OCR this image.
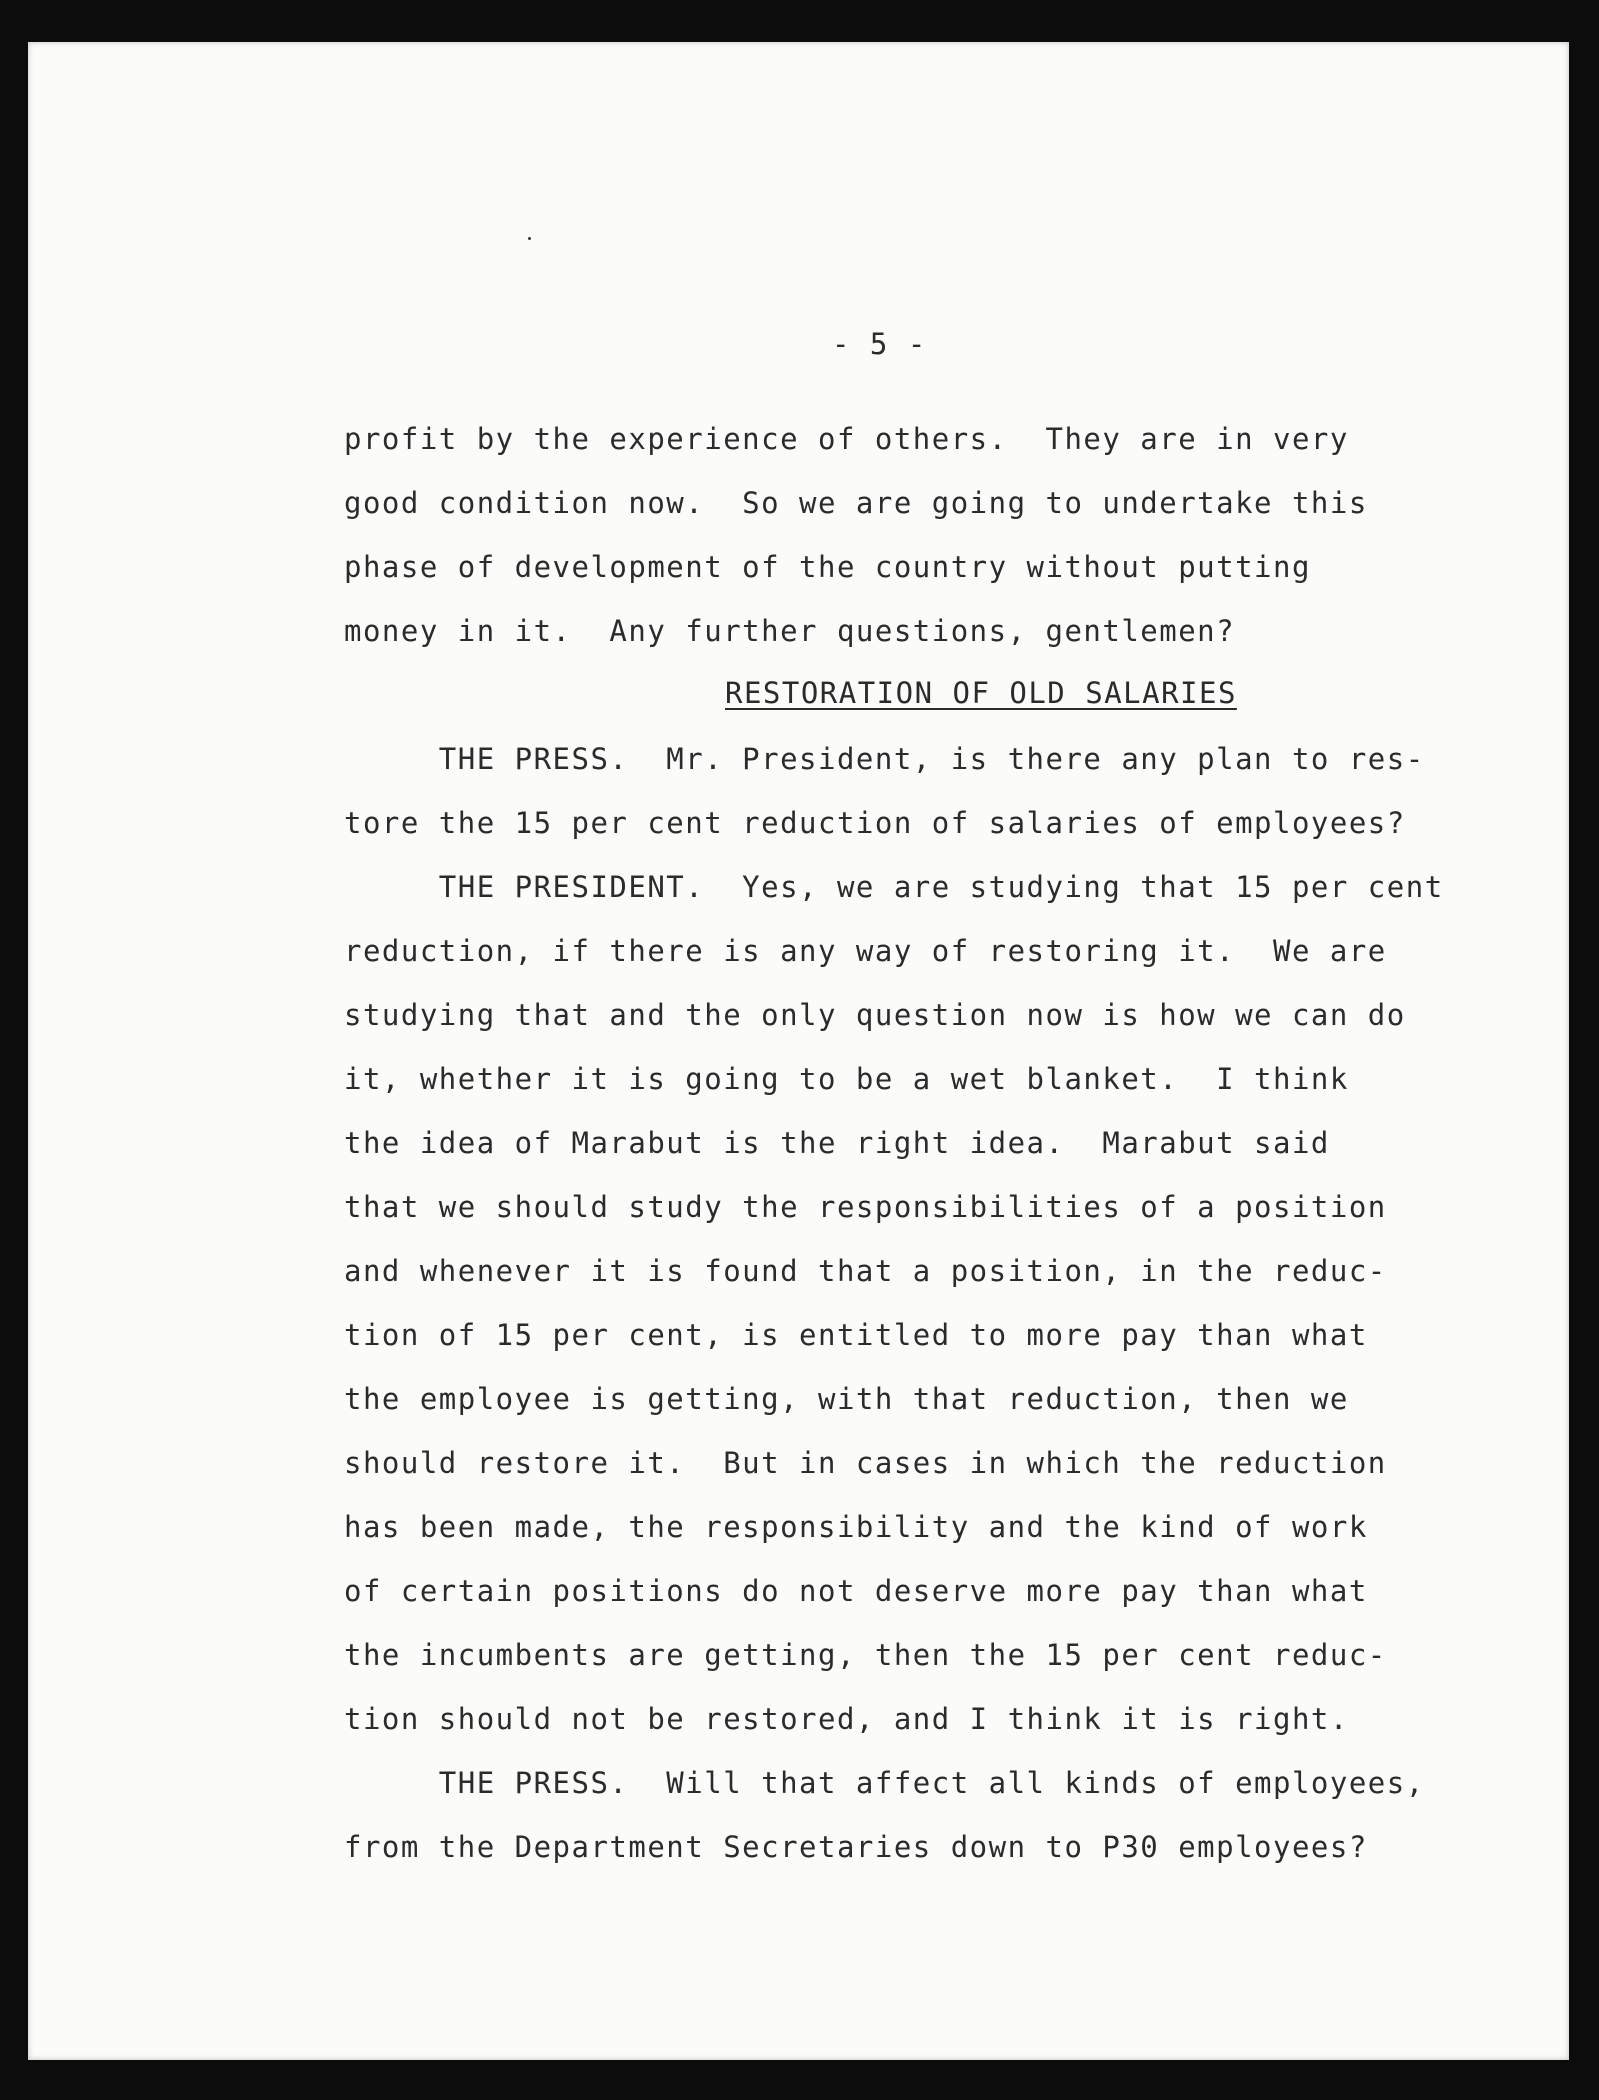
- 5 -
profit by the experience of others.  They are in very
good condition now.  So we are going to undertake this
phase of development of the country without putting
money in it.  Any further questions, gentlemen?
RESTORATION OF OLD SALARIES
THE PRESS.  Mr. President, is there any plan to res-
tore the 15 per cent reduction of salaries of employees?
THE PRESIDENT.  Yes, we are studying that 15 per cent
reduction, if there is any way of restoring it.  We are
studying that and the only question now is how we can do
it, whether it is going to be a wet blanket.  I think
the idea of Marabut is the right idea.  Marabut said
that we should study the responsibilities of a position
and whenever it is found that a position, in the reduc-
tion of 15 per cent, is entitled to more pay than what
the employee is getting, with that reduction, then we
should restore it.  But in cases in which the reduction
has been made, the responsibility and the kind of work
of certain positions do not deserve more pay than what
the incumbents are getting, then the 15 per cent reduc-
tion should not be restored, and I think it is right.
THE PRESS.  Will that affect all kinds of employees,
from the Department Secretaries down to P30 employees?
